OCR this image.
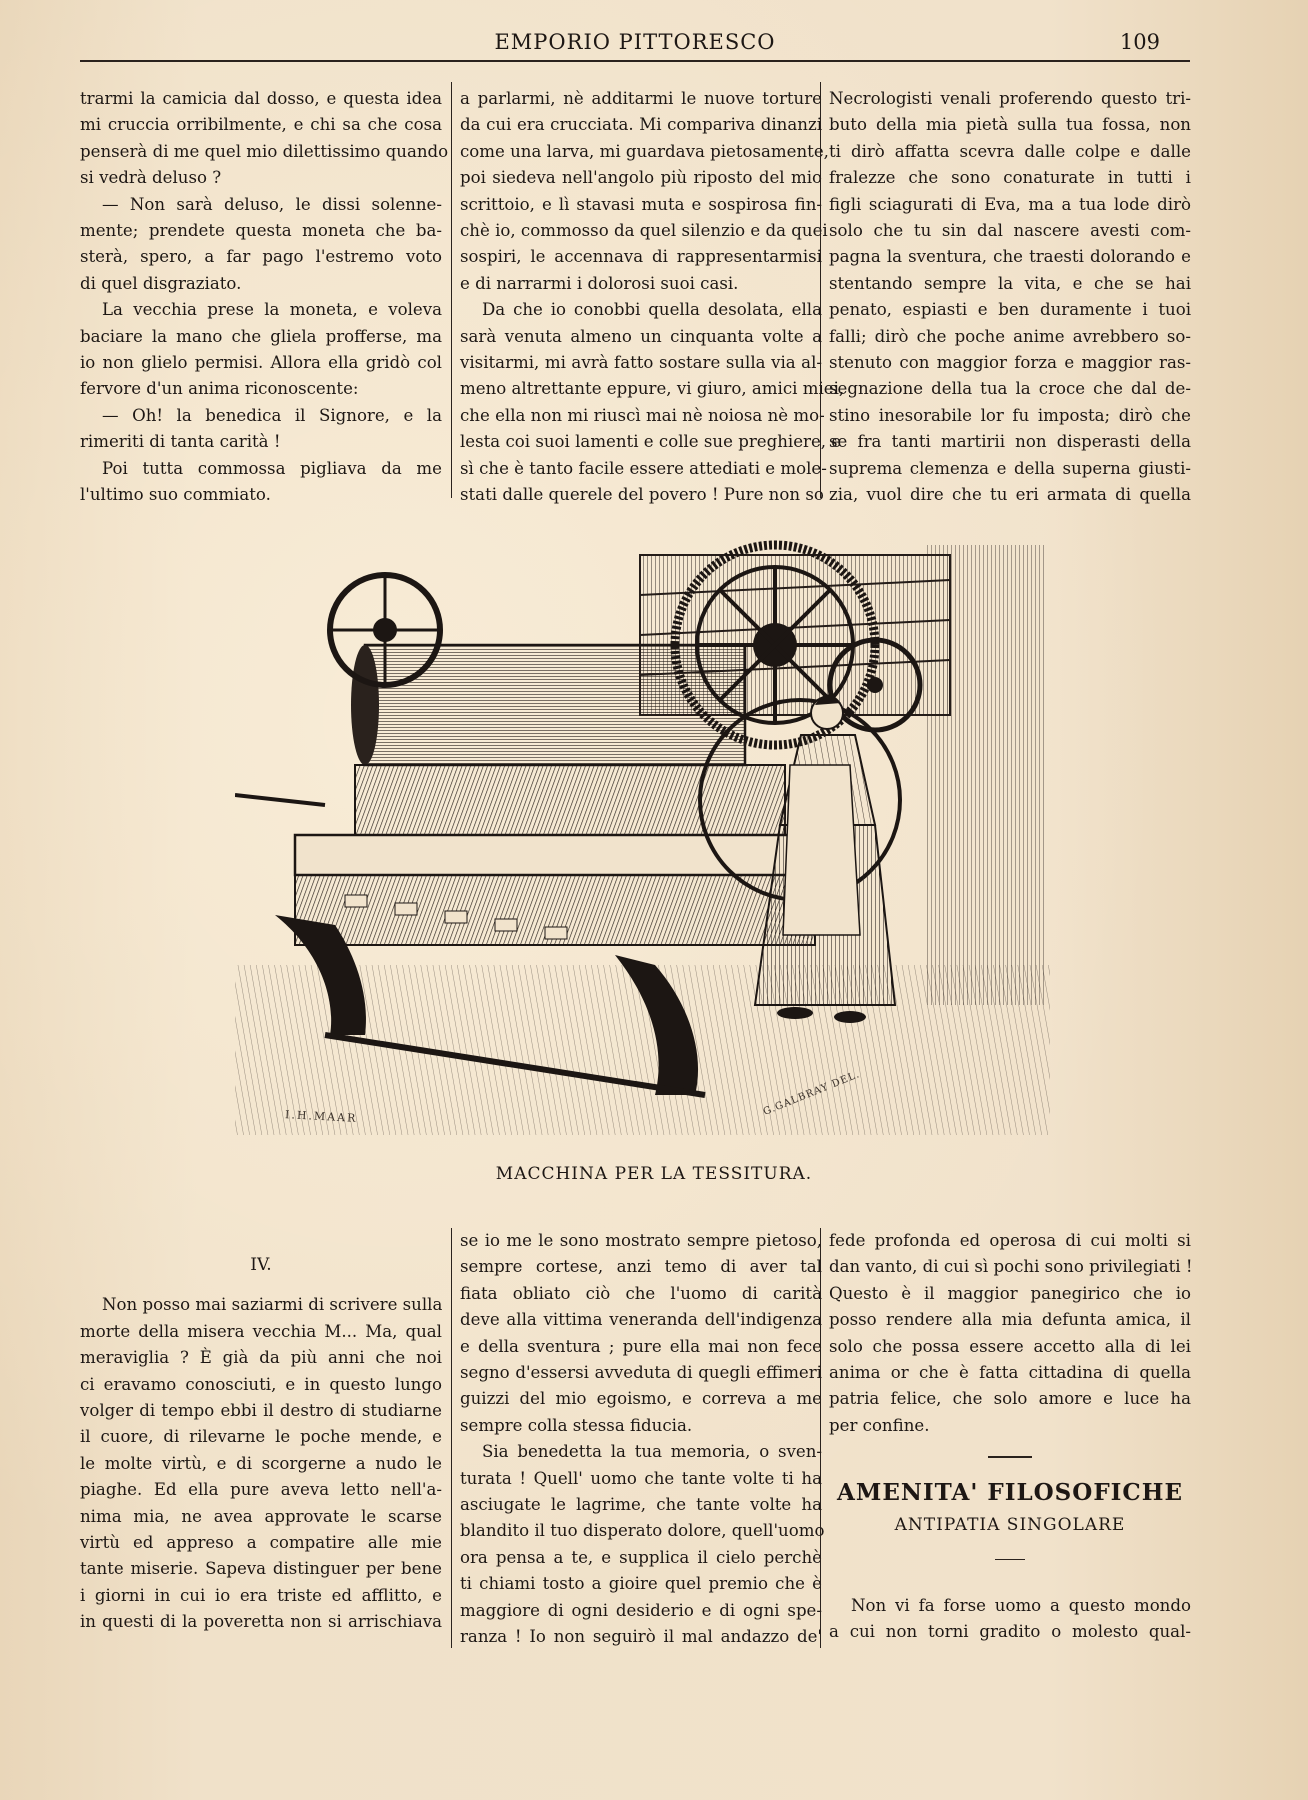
EMPORIO PITTORESCO	109
trarmi la camicia dal dosso, e questa idea
mi cruccia orribilmente, e chi sa che cosa
penserà di me quel mio dilettissimo quando
si vedrà deluso ?
— Non sarà deluso, le dissi solenne-
mente; prendete questa moneta che ba-
sterà, spero, a far pago l'estremo voto
di quel disgraziato.
La vecchia prese la moneta, e voleva
baciare la mano che gliela profferse, ma
io non glielo permisi. Allora ella gridò col
fervore d'un anima riconoscente:
— Oh! la benedica il Signore, e la
rimeriti di tanta carità !
Poi tutta commossa pigliava da me
l'ultimo suo commiato.
a parlarmi, nè additarmi le nuove torture
da cui era crucciata. Mi compariva dinanzi
come una larva, mi guardava pietosamente,
poi siedeva nell'angolo più riposto del mio
scrittoio, e lì stavasi muta e sospirosa fin-
chè io, commosso da quel silenzio e da quei
sospiri, le accennava di rappresentarmisi
e di narrarmi i dolorosi suoi casi.
Da che io conobbi quella desolata, ella
sarà venuta almeno un cinquanta volte a
visitarmi, mi avrà fatto sostare sulla via al-
meno altrettante eppure, vi giuro, amici miei,
che ella non mi riuscì mai nè noiosa nè mo-
lesta coi suoi lamenti e colle sue preghiere, e
sì che è tanto facile essere attediati e mole-
stati dalle querele del povero ! Pure non so
Necrologisti venali proferendo questo tri-
buto della mia pietà sulla tua fossa, non
ti dirò affatta scevra dalle colpe e dalle
fralezze che sono conaturate in tutti i
figli sciagurati di Eva, ma a tua lode dirò
solo che tu sin dal nascere avesti com-
pagna la sventura, che traesti dolorando e
stentando sempre la vita, e che se hai
penato, espiasti e ben duramente i tuoi
falli; dirò che poche anime avrebbero so-
stenuto con maggior forza e maggior ras-
segnazione della tua la croce che dal de-
stino inesorabile lor fu imposta; dirò che
se fra tanti martirii non disperasti della
suprema clemenza e della superna giusti-
zia, vuol dire che tu eri armata di quella
I.H.MAAR	G.GALBRAY DEL.
MACCHINA PER LA TESSITURA.

IV.

Non posso mai saziarmi di scrivere sulla
morte della misera vecchia M... Ma, qual
meraviglia ? È già da più anni che noi
ci eravamo conosciuti, e in questo lungo
volger di tempo ebbi il destro di studiarne
il cuore, di rilevarne le poche mende, e
le molte virtù, e di scorgerne a nudo le
piaghe. Ed ella pure aveva letto nell'a-
nima mia, ne avea approvate le scarse
virtù ed appreso a compatire alle mie
tante miserie. Sapeva distinguer per bene
i giorni in cui io era triste ed afflitto, e
in questi di la poveretta non si arrischiava
se io me le sono mostrato sempre pietoso,
sempre cortese, anzi temo di aver tal
fiata obliato ciò che l'uomo di carità
deve alla vittima veneranda dell'indigenza
e della sventura ; pure ella mai non fece
segno d'essersi avveduta di quegli effimeri
guizzi del mio egoismo, e correva a me
sempre colla stessa fiducia.
Sia benedetta la tua memoria, o sven-
turata ! Quell' uomo che tante volte ti ha
asciugate le lagrime, che tante volte ha
blandito il tuo disperato dolore, quell'uomo
ora pensa a te, e supplica il cielo perchè
ti chiami tosto a gioire quel premio che è
maggiore di ogni desiderio e di ogni spe-
ranza ! Io non seguirò il mal andazzo de'
fede profonda ed operosa di cui molti si
dan vanto, di cui sì pochi sono privilegiati !
Questo è il maggior panegirico che io
posso rendere alla mia defunta amica, il
solo che possa essere accetto alla di lei
anima or che è fatta cittadina di quella
patria felice, che solo amore e luce ha
per confine.

AMENITA' FILOSOFICHE

ANTIPATIA SINGOLARE

Non vi fa forse uomo a questo mondo
a cui non torni gradito o molesto qual-
